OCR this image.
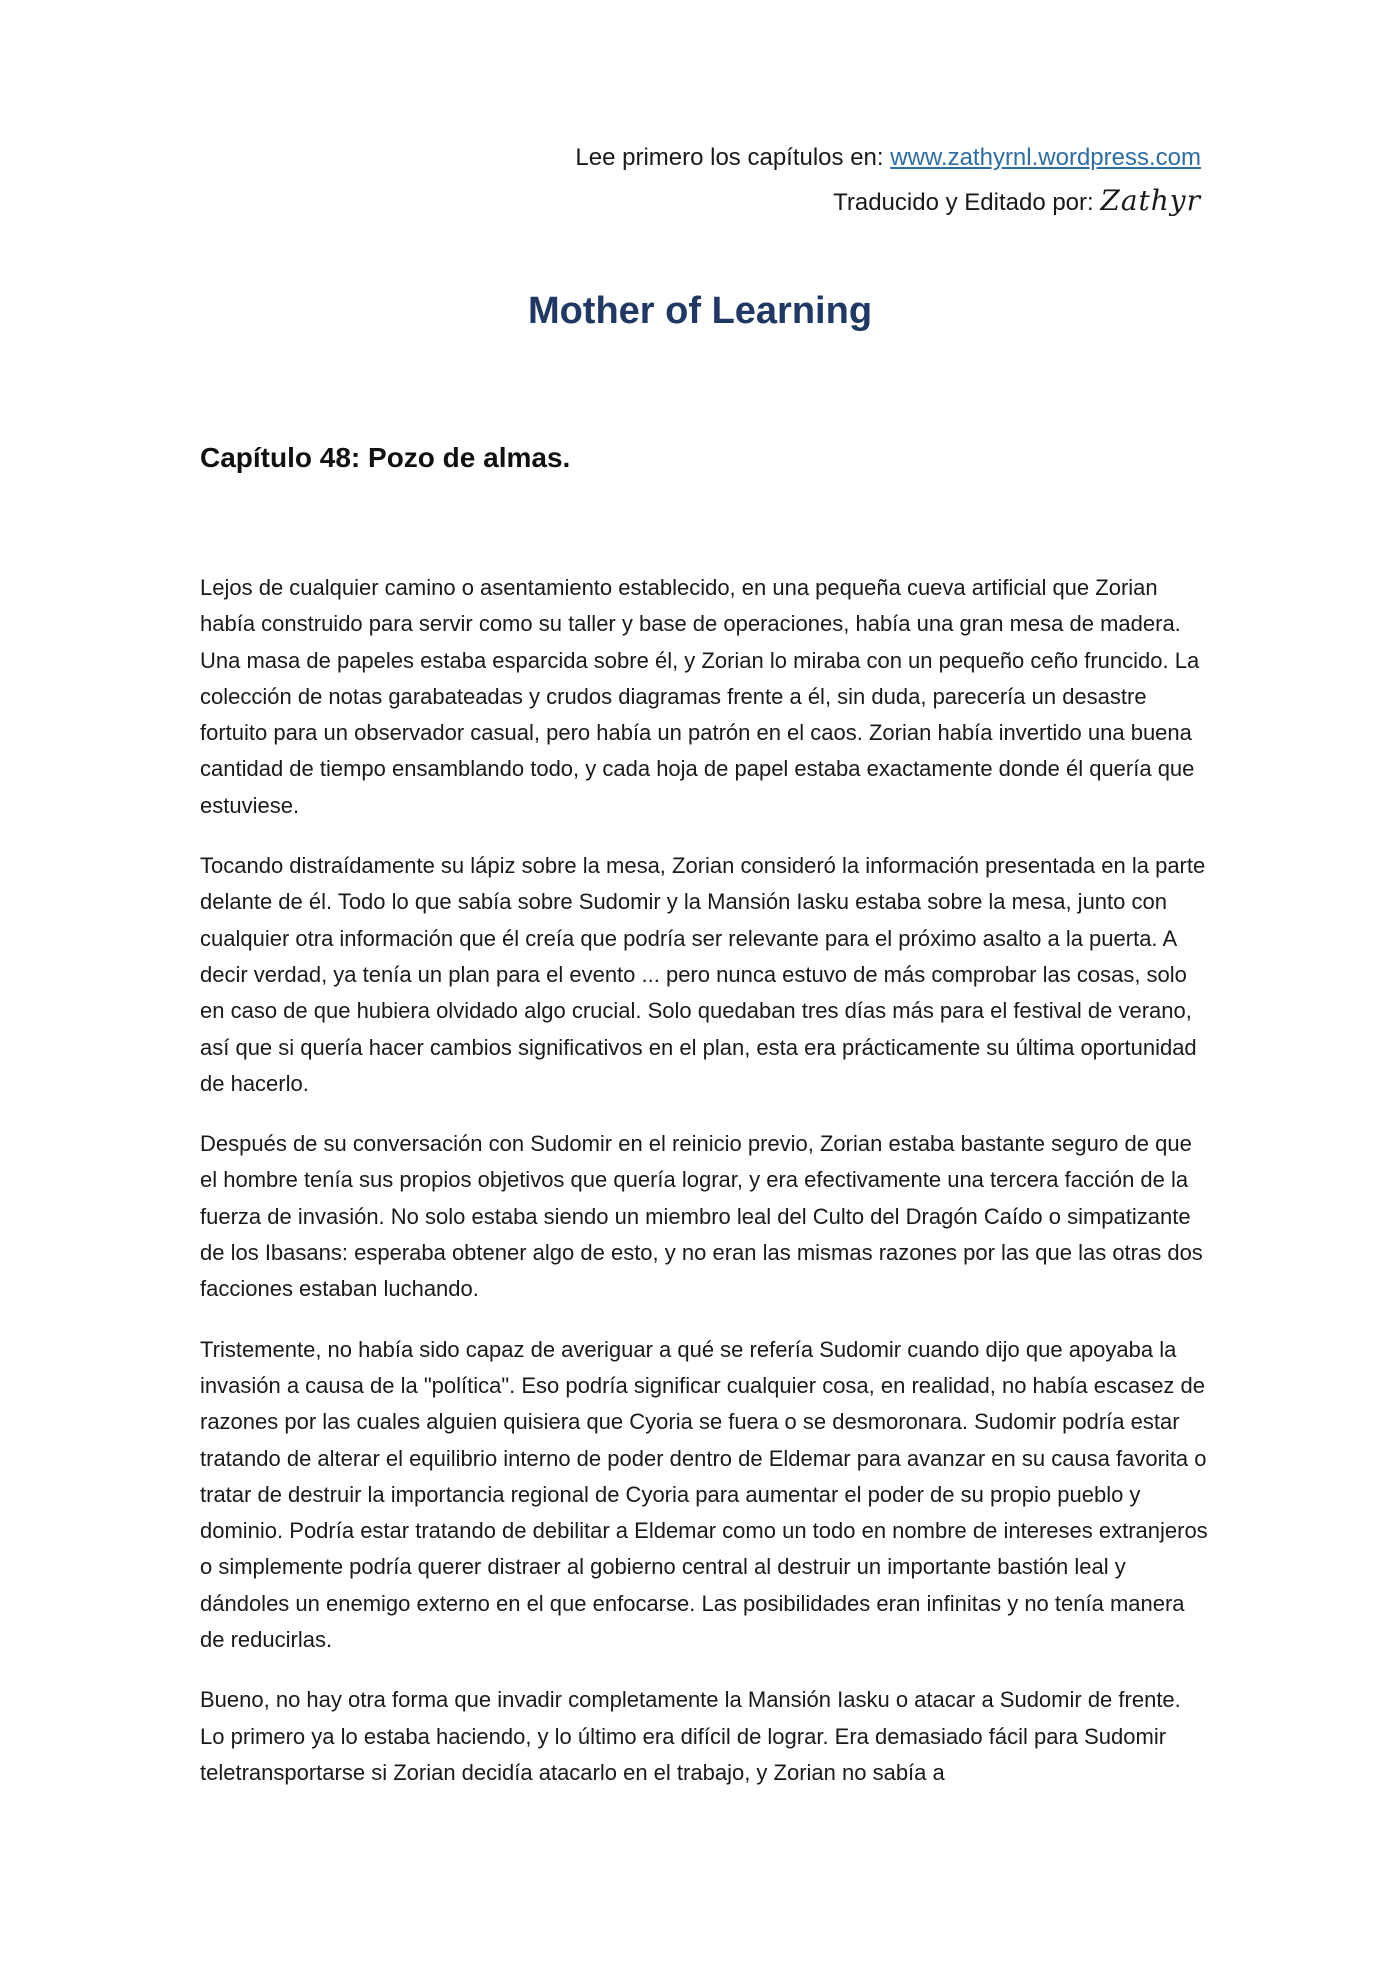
Lee primero los capítulos en: www.zathyrnl.wordpress.com
Traducido y Editado por: Zathyr
Mother of Learning
Capítulo 48: Pozo de almas.

Lejos de cualquier camino o asentamiento establecido, en una pequeña cueva artificial que Zorian había construido para servir como su taller y base de operaciones, había una gran mesa de madera. Una masa de papeles estaba esparcida sobre él, y Zorian lo miraba con un pequeño ceño fruncido. La colección de notas garabateadas y crudos diagramas frente a él, sin duda, parecería un desastre fortuito para un observador casual, pero había un patrón en el caos. Zorian había invertido una buena cantidad de tiempo ensamblando todo, y cada hoja de papel estaba exactamente donde él quería que estuviese.

Tocando distraídamente su lápiz sobre la mesa, Zorian consideró la información presentada en la parte delante de él. Todo lo que sabía sobre Sudomir y la Mansión Iasku estaba sobre la mesa, junto con cualquier otra información que él creía que podría ser relevante para el próximo asalto a la puerta. A decir verdad, ya tenía un plan para el evento ... pero nunca estuvo de más comprobar las cosas, solo en caso de que hubiera olvidado algo crucial. Solo quedaban tres días más para el festival de verano, así que si quería hacer cambios significativos en el plan, esta era prácticamente su última oportunidad de hacerlo.

Después de su conversación con Sudomir en el reinicio previo, Zorian estaba bastante seguro de que el hombre tenía sus propios objetivos que quería lograr, y era efectivamente una tercera facción de la fuerza de invasión. No solo estaba siendo un miembro leal del Culto del Dragón Caído o simpatizante de los Ibasans: esperaba obtener algo de esto, y no eran las mismas razones por las que las otras dos facciones estaban luchando.

Tristemente, no había sido capaz de averiguar a qué se refería Sudomir cuando dijo que apoyaba la invasión a causa de la "política". Eso podría significar cualquier cosa, en realidad, no había escasez de razones por las cuales alguien quisiera que Cyoria se fuera o se desmoronara. Sudomir podría estar tratando de alterar el equilibrio interno de poder dentro de Eldemar para avanzar en su causa favorita o tratar de destruir la importancia regional de Cyoria para aumentar el poder de su propio pueblo y dominio. Podría estar tratando de debilitar a Eldemar como un todo en nombre de intereses extranjeros o simplemente podría querer distraer al gobierno central al destruir un importante bastión leal y dándoles un enemigo externo en el que enfocarse. Las posibilidades eran infinitas y no tenía manera de reducirlas.

Bueno, no hay otra forma que invadir completamente la Mansión Iasku o atacar a Sudomir de frente. Lo primero ya lo estaba haciendo, y lo último era difícil de lograr. Era demasiado fácil para Sudomir teletransportarse si Zorian decidía atacarlo en el trabajo, y Zorian no sabía a
